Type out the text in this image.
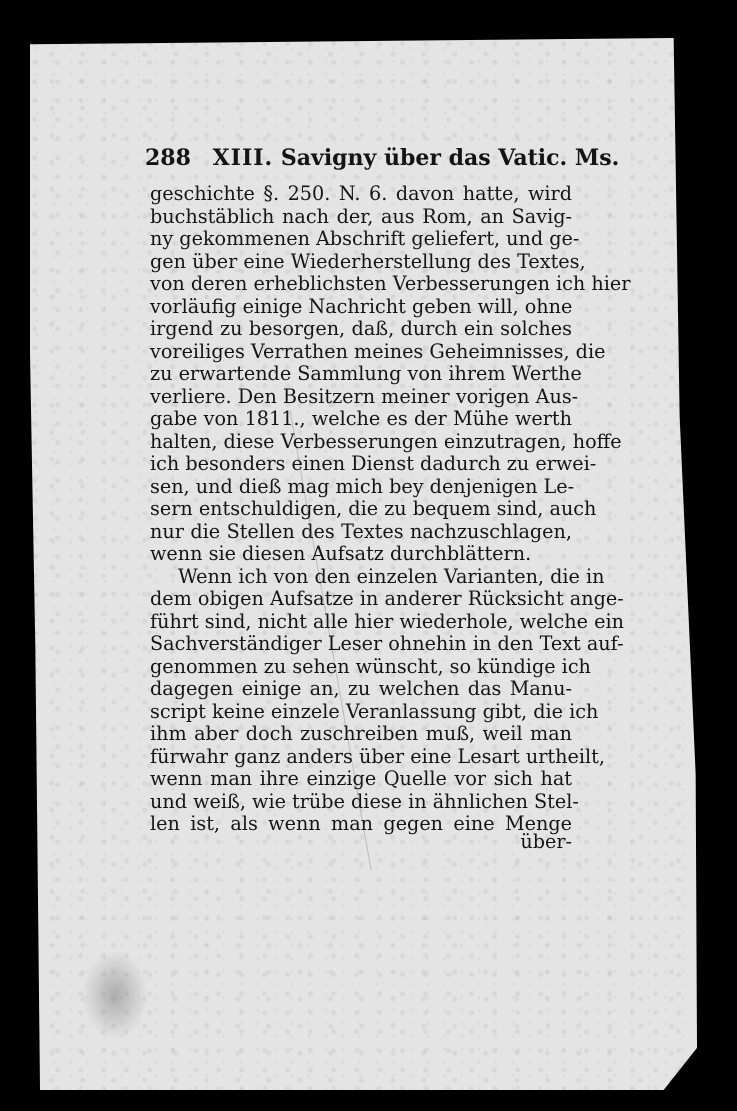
288 XIII. Savigny über das Vatic. Ms.
geschichte §. 250. N. 6. davon hatte, wird
buchstäblich nach der, aus Rom, an Savig-
ny gekommenen Abschrift geliefert, und ge-
gen über eine Wiederherstellung des Textes,
von deren erheblichsten Verbesserungen ich hier
vorläufig einige Nachricht geben will, ohne
irgend zu besorgen, daß, durch ein solches
voreiliges Verrathen meines Geheimnisses, die
zu erwartende Sammlung von ihrem Werthe
verliere. Den Besitzern meiner vorigen Aus-
gabe von 1811., welche es der Mühe werth
halten, diese Verbesserungen einzutragen, hoffe
ich besonders einen Dienst dadurch zu erwei-
sen, und dieß mag mich bey denjenigen Le-
sern entschuldigen, die zu bequem sind, auch
nur die Stellen des Textes nachzuschlagen,
wenn sie diesen Aufsatz durchblättern.
Wenn ich von den einzelen Varianten, die in
dem obigen Aufsatze in anderer Rücksicht ange-
führt sind, nicht alle hier wiederhole, welche ein
Sachverständiger Leser ohnehin in den Text auf-
genommen zu sehen wünscht, so kündige ich
dagegen einige an, zu welchen das Manu-
script keine einzele Veranlassung gibt, die ich
ihm aber doch zuschreiben muß, weil man
fürwahr ganz anders über eine Lesart urtheilt,
wenn man ihre einzige Quelle vor sich hat
und weiß, wie trübe diese in ähnlichen Stel-
len ist, als wenn man gegen eine Menge
über-
